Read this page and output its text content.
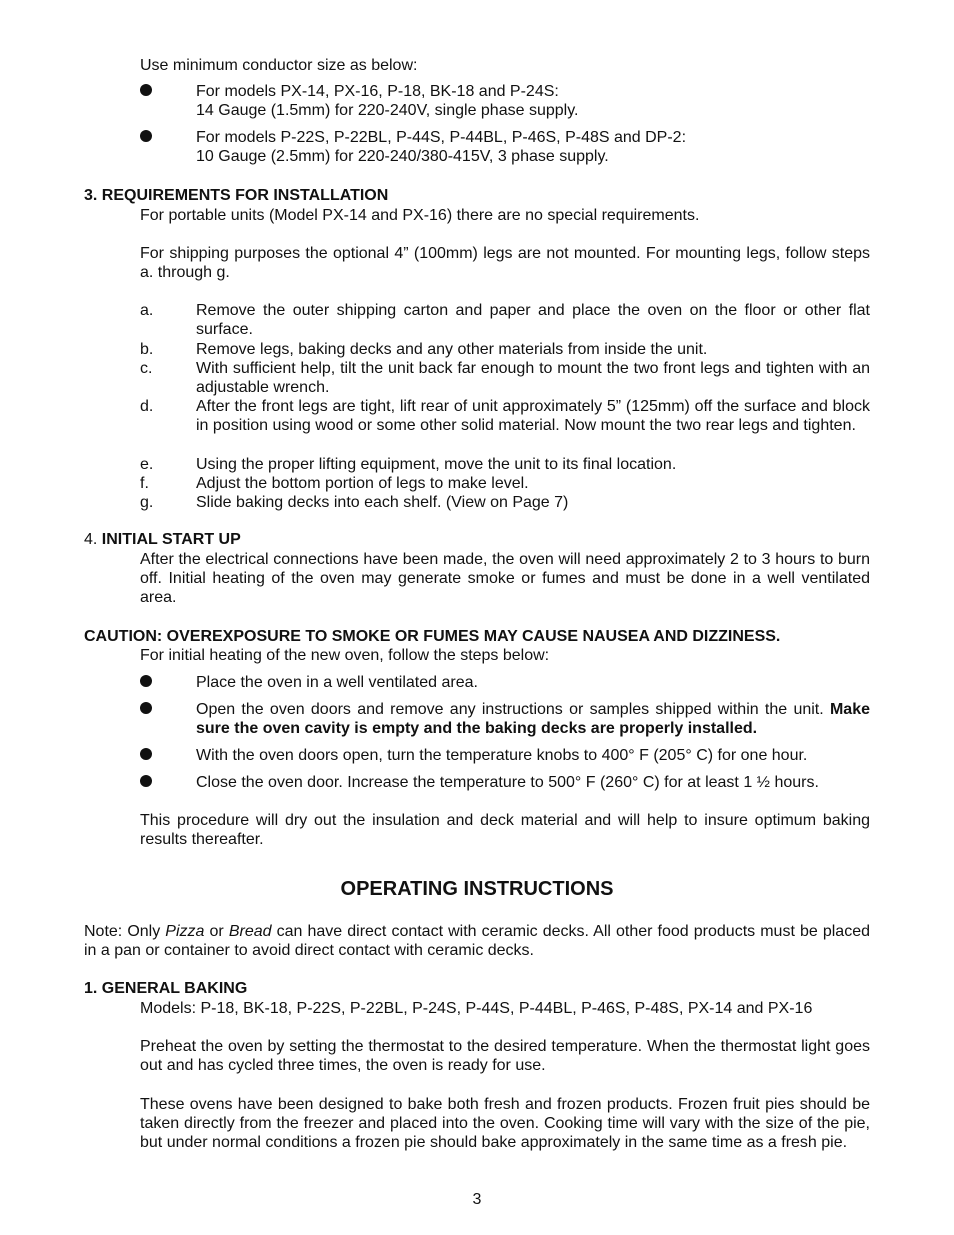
Use minimum conductor size as below:
For models PX-14, PX-16, P-18, BK-18 and P-24S:
14 Gauge (1.5mm) for 220-240V, single phase supply.
For models P-22S, P-22BL, P-44S, P-44BL, P-46S, P-48S and DP-2:
10 Gauge (2.5mm) for 220-240/380-415V, 3 phase supply.
3. REQUIREMENTS FOR INSTALLATION
For portable units (Model PX-14 and PX-16) there are no special requirements.
For shipping purposes the optional 4” (100mm) legs are not mounted. For mounting legs, follow steps a. through g.
a.	Remove the outer shipping carton and paper and place the oven on the floor or other flat surface.
b.	Remove legs, baking decks and any other materials from inside the unit.
c.	With sufficient help, tilt the unit back far enough to mount the two front legs and tighten with an adjustable wrench.
d.	After the front legs are tight, lift rear of unit approximately 5” (125mm) off the surface and block in position using wood or some other solid material. Now mount the two rear legs and tighten.
e.	Using the proper lifting equipment, move the unit to its final location.
f.	Adjust the bottom portion of legs to make level.
g.	Slide baking decks into each shelf. (View on Page 7)
4. INITIAL START UP
After the electrical connections have been made, the oven will need approximately 2 to 3 hours to burn off. Initial heating of the oven may generate smoke or fumes and must be done in a well ventilated area.
CAUTION: OVEREXPOSURE TO SMOKE OR FUMES MAY CAUSE NAUSEA AND DIZZINESS.
For initial heating of the new oven, follow the steps below:
Place the oven in a well ventilated area.
Open the oven doors and remove any instructions or samples shipped within the unit. Make sure the oven cavity is empty and the baking decks are properly installed.
With the oven doors open, turn the temperature knobs to 400° F (205° C) for one hour.
Close the oven door. Increase the temperature to 500° F (260° C) for at least 1 ½ hours.
This procedure will dry out the insulation and deck material and will help to insure optimum baking results thereafter.
OPERATING INSTRUCTIONS
Note: Only Pizza or Bread can have direct contact with ceramic decks. All other food products must be placed in a pan or container to avoid direct contact with ceramic decks.
1. GENERAL BAKING
Models: P-18, BK-18, P-22S, P-22BL, P-24S, P-44S, P-44BL, P-46S, P-48S, PX-14 and PX-16
Preheat the oven by setting the thermostat to the desired temperature. When the thermostat light goes out and has cycled three times, the oven is ready for use.
These ovens have been designed to bake both fresh and frozen products. Frozen fruit pies should be taken directly from the freezer and placed into the oven. Cooking time will vary with the size of the pie, but under normal conditions a frozen pie should bake approximately in the same time as a fresh pie.
3
